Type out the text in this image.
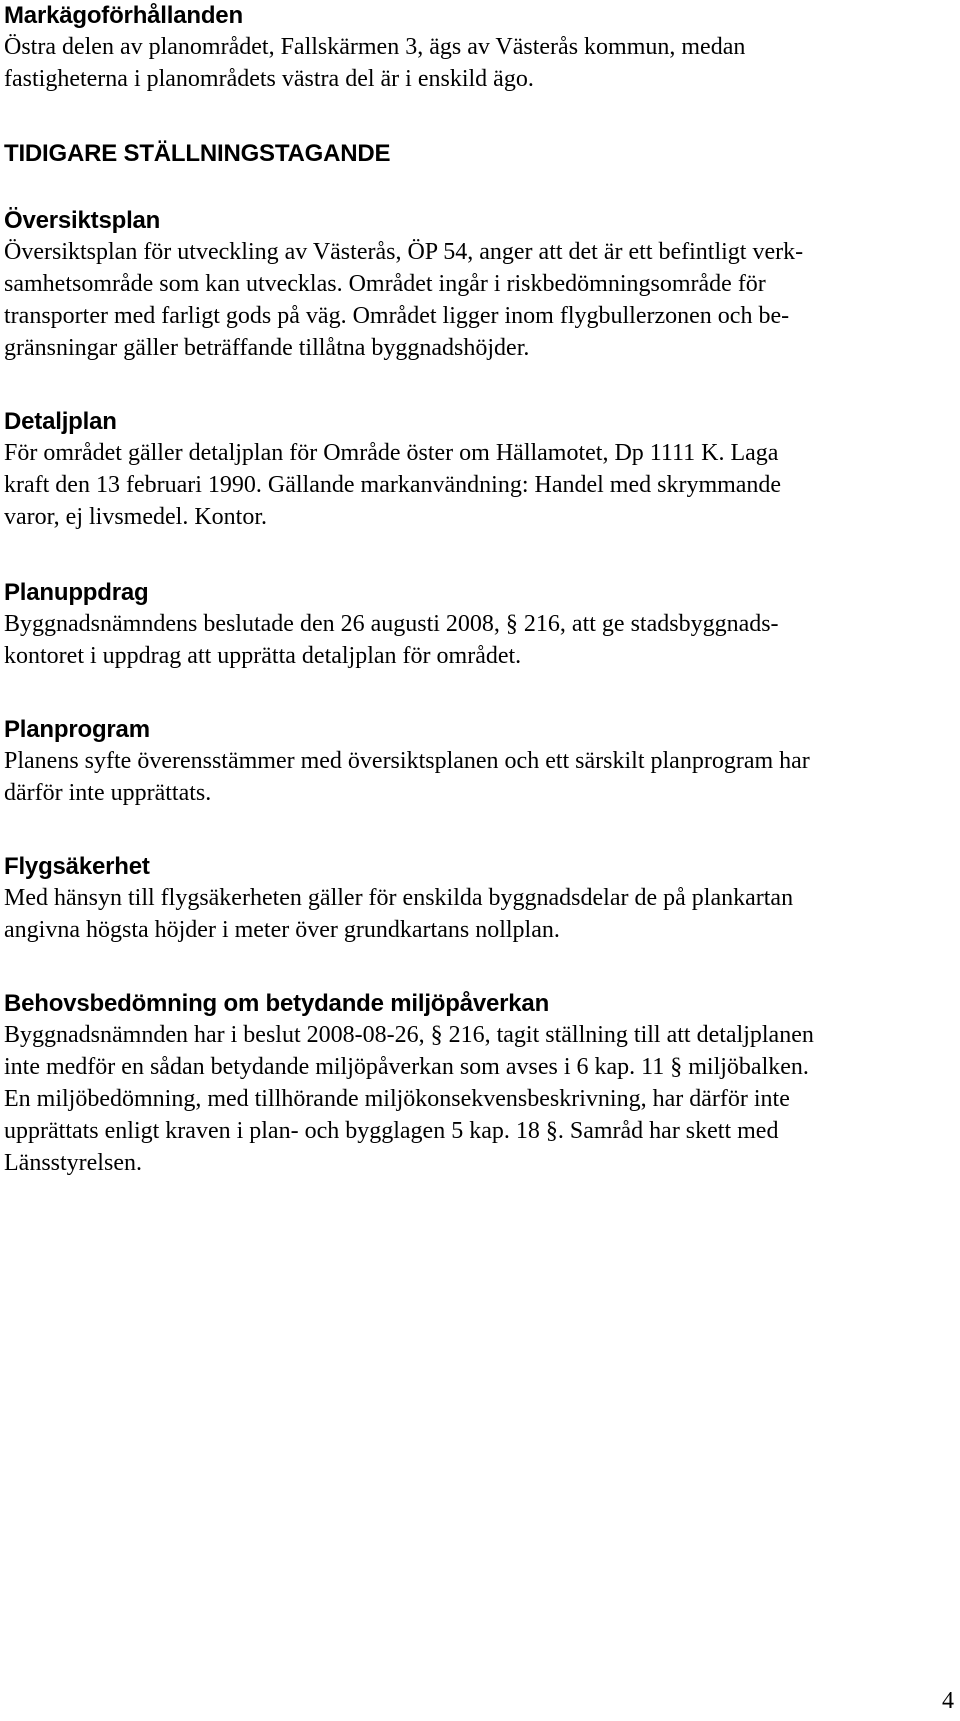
Markägoförhållanden
Östra delen av planområdet, Fallskärmen 3, ägs av Västerås kommun, medan
fastigheterna i planområdets västra del är i enskild ägo.
TIDIGARE STÄLLNINGSTAGANDE
Översiktsplan
Översiktsplan för utveckling av Västerås, ÖP 54, anger att det är ett befintligt verk-
samhetsområde som kan utvecklas. Området ingår i riskbedömningsområde för
transporter med farligt gods på väg. Området ligger inom flygbullerzonen och be-
gränsningar gäller beträffande tillåtna byggnadshöjder.
Detaljplan
För området gäller detaljplan för Område öster om Hällamotet, Dp 1111 K. Laga
kraft den 13 februari 1990. Gällande markanvändning: Handel med skrymmande
varor, ej livsmedel. Kontor.
Planuppdrag
Byggnadsnämndens beslutade den 26 augusti 2008, § 216, att ge stadsbyggnads-
kontoret i uppdrag att upprätta detaljplan för området.
Planprogram
Planens syfte överensstämmer med översiktsplanen och ett särskilt planprogram har
därför inte upprättats.
Flygsäkerhet
Med hänsyn till flygsäkerheten gäller för enskilda byggnadsdelar de på plankartan
angivna högsta höjder i meter över grundkartans nollplan.
Behovsbedömning om betydande miljöpåverkan
Byggnadsnämnden har i beslut 2008-08-26, § 216, tagit ställning till att detaljplanen
inte medför en sådan betydande miljöpåverkan som avses i 6 kap. 11 § miljöbalken.
En miljöbedömning, med tillhörande miljökonsekvensbeskrivning, har därför inte
upprättats enligt kraven i plan- och bygglagen 5 kap. 18 §. Samråd har skett med
Länsstyrelsen.
4
